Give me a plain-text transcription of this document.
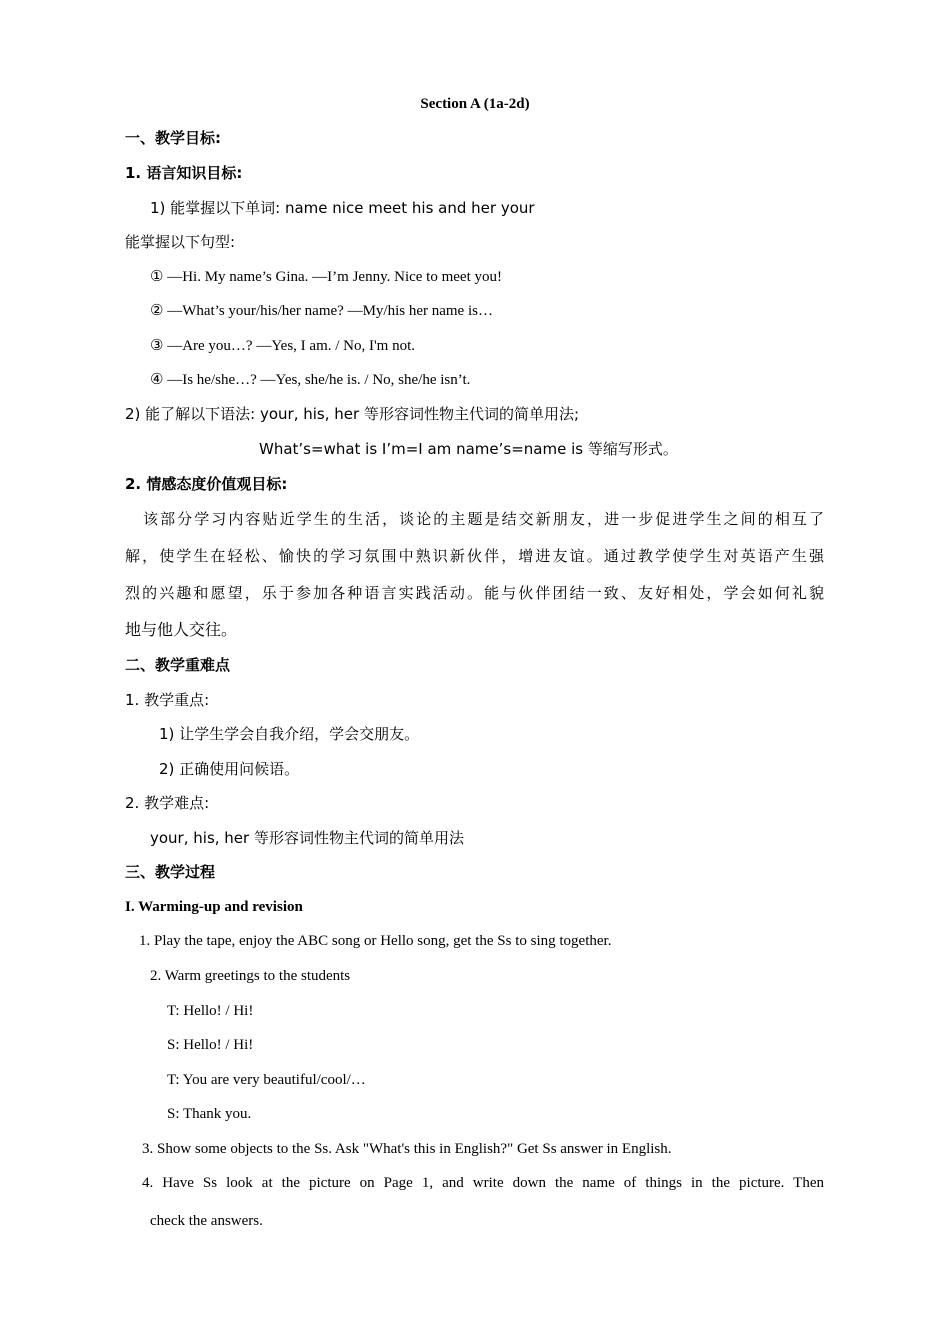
Section A (1a-2d)
一、教学目标:
1. 语言知识目标:
1) 能掌握以下单词: name nice meet his and her your
能掌握以下句型:
① —Hi. My name’s Gina. —I’m Jenny. Nice to meet you!
② —What’s your/his/her name? —My/his her name is…
③ —Are you…? —Yes, I am. / No, I'm not.
④ —Is he/she…? —Yes, she/he is. / No, she/he isn’t.
2) 能了解以下语法: your, his, her 等形容词性物主代词的简单用法;
What’s=what is I’m=I am name’s=name is 等缩写形式。
2. 情感态度价值观目标:
该部分学习内容贴近学生的生活，谈论的主题是结交新朋友，进一步促进学生之间的相互了
解，使学生在轻松、愉快的学习氛围中熟识新伙伴，增进友谊。通过教学使学生对英语产生强
烈的兴趣和愿望，乐于参加各种语言实践活动。能与伙伴团结一致、友好相处，学会如何礼貌
地与他人交往。
二、教学重难点
1. 教学重点:
1) 让学生学会自我介绍，学会交朋友。
2) 正确使用问候语。
2. 教学难点:
your, his, her 等形容词性物主代词的简单用法
三、教学过程
I. Warming-up and revision
1. Play the tape, enjoy the ABC song or Hello song, get the Ss to sing together.
2. Warm greetings to the students
T: Hello! / Hi!
S: Hello! / Hi!
T: You are very beautiful/cool/…
S: Thank you.
3. Show some objects to the Ss. Ask "What's this in English?" Get Ss answer in English.
4. Have Ss look at the picture on Page 1, and write down the name of things in the picture. Then
check the answers.
